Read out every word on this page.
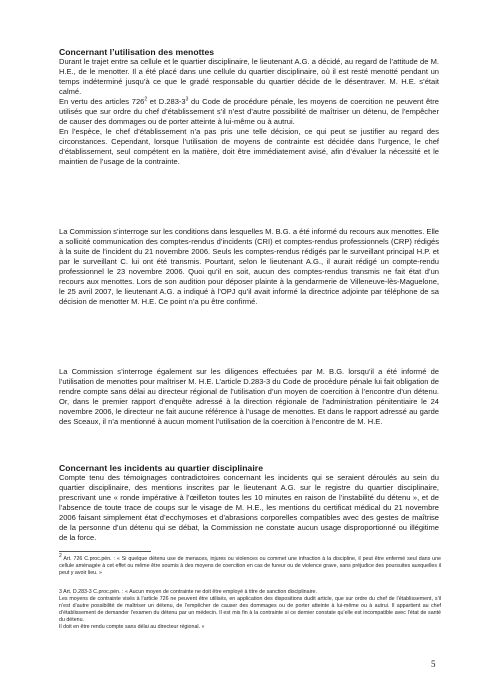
Concernant l’utilisation des menottes

Durant le trajet entre sa cellule et le quartier disciplinaire, le lieutenant A.G. a décidé, au regard de l’attitude de M. H.E., de le menotter. Il a été placé dans une cellule du quartier disciplinaire, où il est resté menotté pendant un temps indéterminé jusqu’à ce que le gradé responsable du quartier décide de le désentraver. M. H.E. s’était calmé.

En vertu des articles $726^2$ et $D.283-3^3$ du Code de procédure pénale, les moyens de coercition ne peuvent être utilisés que sur ordre du chef d’établissement s’il n’est d’autre possibilité de maîtriser un détenu, de l’empêcher de causer des dommages ou de porter atteinte à lui-même ou à autrui.

En l’espèce, le chef d’établissement n’a pas pris une telle décision, ce qui peut se justifier au regard des circonstances. Cependant, lorsque l’utilisation de moyens de contrainte est décidée dans l’urgence, le chef d’établissement, seul compétent en la matière, doit être immédiatement avisé, afin d’évaluer la nécessité et le maintien de l’usage de la contrainte.

La Commission s’interroge sur les conditions dans lesquelles M. B.G. a été informé du recours aux menottes. Elle a sollicité communication des comptes-rendus d’incidents (CRI) et comptes-rendus professionnels (CRP) rédigés à la suite de l’incident du 21 novembre 2006. Seuls les comptes-rendus rédigés par le surveillant principal H.P. et par le surveillant C. lui ont été transmis. Pourtant, selon le lieutenant A.G., il aurait rédigé un compte-rendu professionnel le 23 novembre 2006. Quoi qu’il en soit, aucun des comptes-rendus transmis ne fait état d’un recours aux menottes. Lors de son audition pour déposer plainte à la gendarmerie de Villeneuve-lès-Maguelone, le 25 avril 2007, le lieutenant A.G. a indiqué à l’OPJ qu’il avait informé la directrice adjointe par téléphone de sa décision de menotter M. H.E. Ce point n’a pu être confirmé.

La Commission s’interroge également sur les diligences effectuées par M. B.G. lorsqu’il a été informé de l’utilisation de menottes pour maîtriser M. H.E. L’article D.283-3 du Code de procédure pénale lui fait obligation de rendre compte sans délai au directeur régional de l’utilisation d’un moyen de coercition à l’encontre d’un détenu. Or, dans le premier rapport d’enquête adressé à la direction régionale de l’administration pénitentiaire le 24 novembre 2006, le directeur ne fait aucune référence à l’usage de menottes. Et dans le rapport adressé au garde des Sceaux, il n’a mentionné à aucun moment l’utilisation de la coercition à l’encontre de M. H.E.

Concernant les incidents au quartier disciplinaire

Compte tenu des témoignages contradictoires concernant les incidents qui se seraient déroulés au sein du quartier disciplinaire, des mentions inscrites par le lieutenant A.G. sur le registre du quartier disciplinaire, prescrivant une « ronde impérative à l’œilleton toutes les 10 minutes en raison de l’instabilité du détenu », et de l’absence de toute trace de coups sur le visage de M. H.E., les mentions du certificat médical du 21 novembre 2006 faisant simplement état d’ecchymoses et d’abrasions corporelles compatibles avec des gestes de maîtrise de la personne d’un détenu qui se débat, la Commission ne constate aucun usage disproportionné ou illégitime de la force.

$^2$ Art. 726 C.proc.pén. : « Si quelque détenu use de menaces, injures ou violences ou commet une infraction à la discipline, il peut être enfermé seul dans une cellule aménagée à cet effet ou même être soumis à des moyens de coercition en cas de fureur ou de violence grave, sans préjudice des poursuites auxquelles il peut y avoir lieu. »

3 Art. D.283-3 C.proc.pén. : « Aucun moyen de contrainte ne doit être employé à titre de sanction disciplinaire.

Les moyens de contrainte visés à l’article 726 ne peuvent être utilisés, en application des dispositions dudit article, que sur ordre du chef de l’établissement, s’il n’est d’autre possibilité de maîtriser un détenu, de l’empêcher de causer des dommages ou de porter atteinte à lui-même ou à autrui. Il appartient au chef d’établissement de demander l’examen du détenu par un médecin. Il est mis fin à la contrainte si ce dernier constate qu’elle est incompatible avec l’état de santé du détenu.

Il doit en être rendu compte sans délai au directeur régional. »

5
